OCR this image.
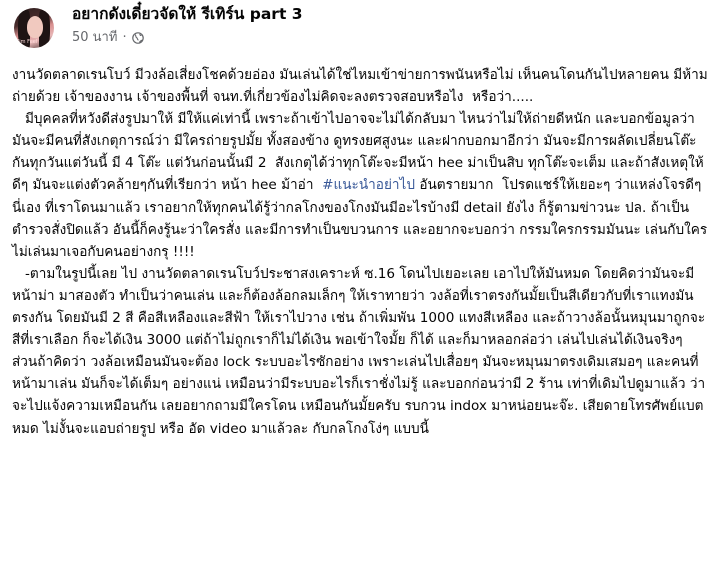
Kim Feel
อยากดังเดี๋ยวจัดให้ รีเทิร์น part 3
50 นาที ·

งานวัดตลาดเรนโบว์ มีวงล้อเสี่ยงโชคด้วยอ่อง มันเล่นได้ใช่ไหมเข้าข่ายการพนันหรือไม่ เห็นคนโดนกันไปหลายคน มีห้ามถ่ายด้วย เจ้าของงาน เจ้าของพื้นที่ จนท.ที่เกี่ยวข้องไม่คิดจะลงตรวจสอบหรือไง  หรือว่า.....

มีบุคคลที่หวังดีส่งรูปมาให้ มีให้แค่เท่านี้ เพราะถ้าเข้าไปอาจจะไม่ได้กลับมา ไหนว่าไม่ให้ถ่ายดีหนัก และบอกข้อมูลว่า มันจะมีคนที่สังเกตุการณ์ว่า มีใครถ่ายรูปมั้ย ทั้งสองข้าง ดูทรงยศสูงนะ และฝากบอกมาอีกว่า มันจะมีการผลัดเปลี่ยนโต๊ะกันทุกวันแต่วันนี้ มี 4 โต๊ะ แต่วันก่อนนั้นมี 2  สังเกตุได้ว่าทุกโต๊ะจะมีหน้า hee ม่าเป็นสิบ ทุกโต๊ะจะเต็ม และถ้าสังเหตุให้ดีๆ มันจะแต่งตัวคล้ายๆกันที่เรียกว่า หน้า hee ม้าอ่า  #แนะนำอย่าไป อันตรายมาก  โปรดแชร์ให้เยอะๆ ว่าแหล่งโจรดีๆนี่เอง ที่เราโดนมาแล้ว เราอยากให้ทุกคนได้รู้ว่ากลโกงของโกงมันมีอะไรบ้างมี detail ยังไง ก็รู้ตามข่าวนะ ปล. ถ้าเป็นตำรวจสั่งปิดแล้ว อันนี้ก็คงรู้นะว่าใครสั่ง และมีการทำเป็นขบวนการ และอยากจะบอกว่า กรรมใครกรรมมันนะ เล่นกับใครไม่เล่นมาเจอกับคนอย่างกรุ !!!!

-ตามในรูปนี้เลย ไป งานวัดตลาดเรนโบว์ประชาสงเคราะห์ ซ.16 โดนไปเยอะเลย เอาไปให้มันหมด โดยคิดว่ามันจะมีหน้าม่า มาสองตัว ทำเป็นว่าคนเล่น และก็ต้องล้อกลมเล็กๆ ให้เราทายว่า วงล้อที่เราตรงกันมั้ยเป็นสีเดียวกับที่เราแทงมันตรงกัน โดยมันมี 2 สี คือสีเหลืองและสีฟ้า ให้เราไปวาง เช่น ถ้าเพิ่มพัน 1000 แทงสีเหลือง และถ้าวางล้อนั้นหมุนมาถูกจะสีที่เราเลือก ก็จะได้เงิน 3000 แต่ถ้าไม่ถูกเราก็ไม่ได้เงิน พอเข้าใจมั้ย ก็ได้ และก็มาหลอกล่อว่า เล่นไปเล่นได้เงินจริงๆ ส่วนถ้าคิดว่า วงล้อเหมือนมันจะต้อง lock ระบบอะไรซักอย่าง เพราะเล่นไปเสื่อยๆ มันจะหมุนมาตรงเดิมเสมอๆ และคนที่หน้ามาเล่น มันก็จะได้เต็มๆ อย่างแน่ เหมือนว่ามีระบบอะไรก็เราชั่งไม่รู้ และบอกก่อนว่ามี 2 ร้าน เท่าที่เดิมไปดูมาแล้ว ว่าจะไปแจ้งความเหมือนกัน เลยอยากถามมีใครโดน เหมือนกันมั้ยครับ รบกวน indox มาหน่อยนะจ๊ะ. เสียดายโทรศัพย์แบตหมด ไม่งั้นจะแอบถ่ายรูป หรือ อัด video มาแล้วละ กับกลโกงโง่ๆ แบบนี้
